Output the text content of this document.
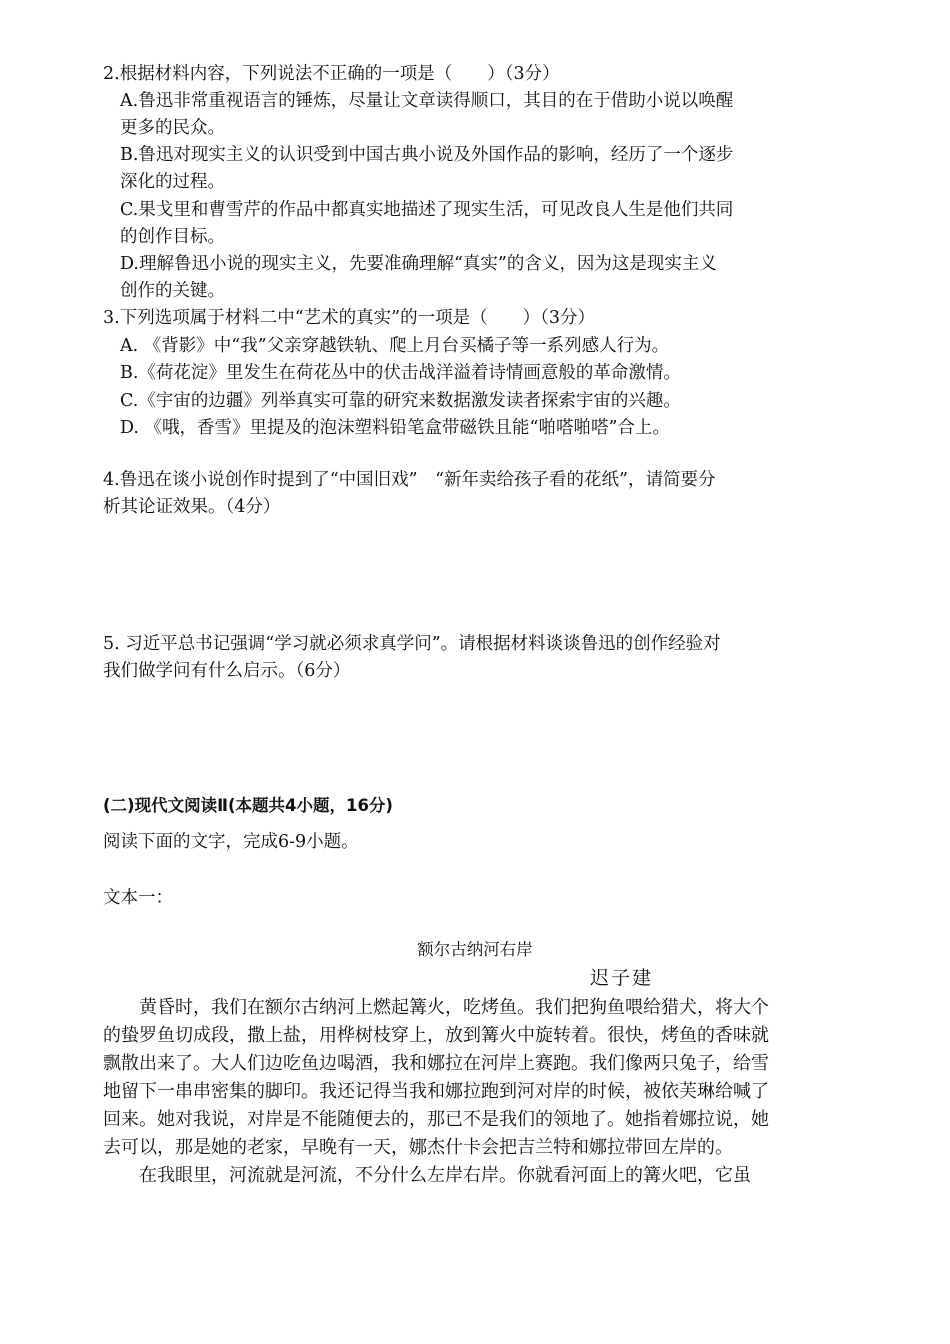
2.根据材料内容，下列说法不正确的一项是（　　）（3分）
A.鲁迅非常重视语言的锤炼，尽量让文章读得顺口，其目的在于借助小说以唤醒
更多的民众。
B.鲁迅对现实主义的认识受到中国古典小说及外国作品的影响，经历了一个逐步
深化的过程。
C.果戈里和曹雪芹的作品中都真实地描述了现实生活，可见改良人生是他们共同
的创作目标。
D.理解鲁迅小说的现实主义，先要准确理解“真实”的含义，因为这是现实主义
创作的关键。
3.下列选项属于材料二中“艺术的真实”的一项是（　　）（3分）
A. 《背影》中“我”父亲穿越铁轨、爬上月台买橘子等一系列感人行为。
B.《荷花淀》里发生在荷花丛中的伏击战洋溢着诗情画意般的革命激情。
C.《宇宙的边疆》列举真实可靠的研究来数据激发读者探索宇宙的兴趣。
D. 《哦，香雪》里提及的泡沫塑料铅笔盒带磁铁且能“啪嗒啪嗒”合上。
4.鲁迅在谈小说创作时提到了“中国旧戏”　“新年卖给孩子看的花纸”，请简要分
析其论证效果。（4分）
5. 习近平总书记强调“学习就必须求真学问”。请根据材料谈谈鲁迅的创作经验对
我们做学问有什么启示。（6分）
(二)现代文阅读Ⅱ(本题共4小题，16分)
阅读下面的文字，完成6-9小题。
文本一：
额尔古纳河右岸
迟子建
　　黄昏时，我们在额尔古纳河上燃起篝火，吃烤鱼。我们把狗鱼喂给猎犬，将大个
的蛰罗鱼切成段，撒上盐，用桦树枝穿上，放到篝火中旋转着。很快，烤鱼的香味就
飘散出来了。大人们边吃鱼边喝酒，我和娜拉在河岸上赛跑。我们像两只兔子，给雪
地留下一串串密集的脚印。我还记得当我和娜拉跑到河对岸的时候，被依芙琳给喊了
回来。她对我说，对岸是不能随便去的，那已不是我们的领地了。她指着娜拉说，她
去可以，那是她的老家，早晚有一天，娜杰什卡会把吉兰特和娜拉带回左岸的。
　　在我眼里，河流就是河流，不分什么左岸右岸。你就看河面上的篝火吧，它虽
